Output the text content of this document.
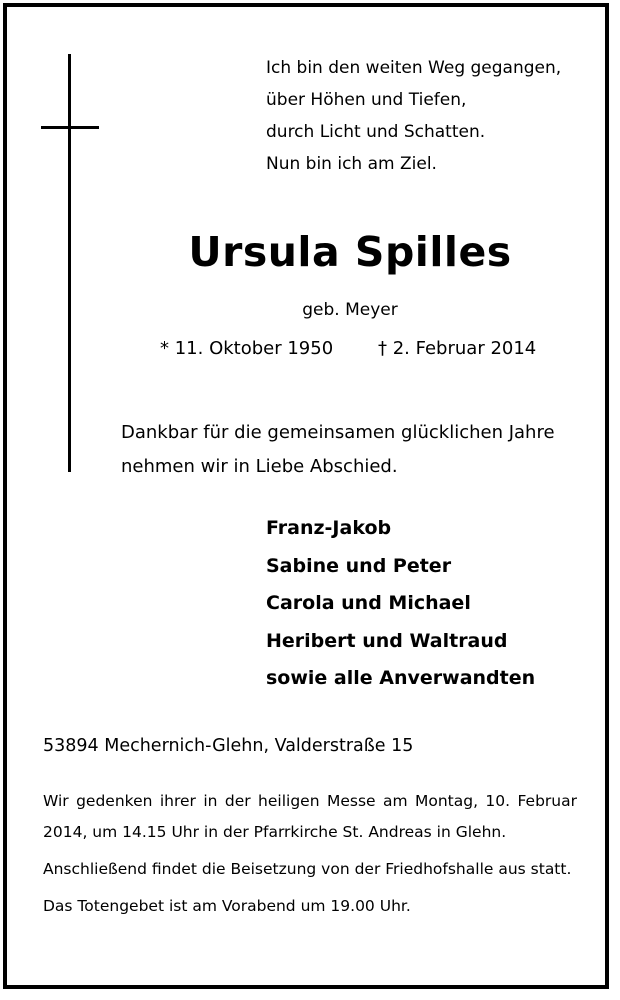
Ich bin den weiten Weg gegangen,
über Höhen und Tiefen,
durch Licht und Schatten.
Nun bin ich am Ziel.
Ursula Spilles
geb. Meyer
* 11. Oktober 1950 † 2. Februar 2014
Dankbar für die gemeinsamen glücklichen Jahre
nehmen wir in Liebe Abschied.
Franz-Jakob
Sabine und Peter
Carola und Michael
Heribert und Waltraud
sowie alle Anverwandten
53894 Mechernich-Glehn, Valderstraße 15

Wir gedenken ihrer in der heiligen Messe am Montag, 10. Februar 2014, um 14.15 Uhr in der Pfarrkirche St. Andreas in Glehn.

Anschließend findet die Beisetzung von der Friedhofshalle aus statt.

Das Totengebet ist am Vorabend um 19.00 Uhr.
